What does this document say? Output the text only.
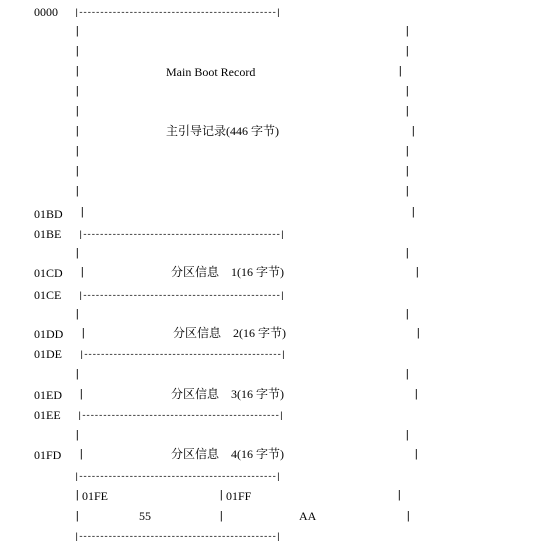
0000 |-----------------------------------------------|
|	|
|	|
|	Main Boot Record	|
|	|
|	|
|	主引导记录(446 字节)	|
|	|
|	|
|	|
01BD |	|
01BE |-----------------------------------------------|
|	|
01CD |	分区信息　1(16 字节)	|
01CE |-----------------------------------------------|
|	|
01DD |	分区信息　2(16 字节)	|
01DE |-----------------------------------------------|
|	|
01ED |	分区信息　3(16 字节)	|
01EE |-----------------------------------------------|
|	|
01FD |	分区信息　4(16 字节)	|
|-----------------------------------------------|
| 01FE	| 01FF	|
|	55	|	AA	|
|-----------------------------------------------|
